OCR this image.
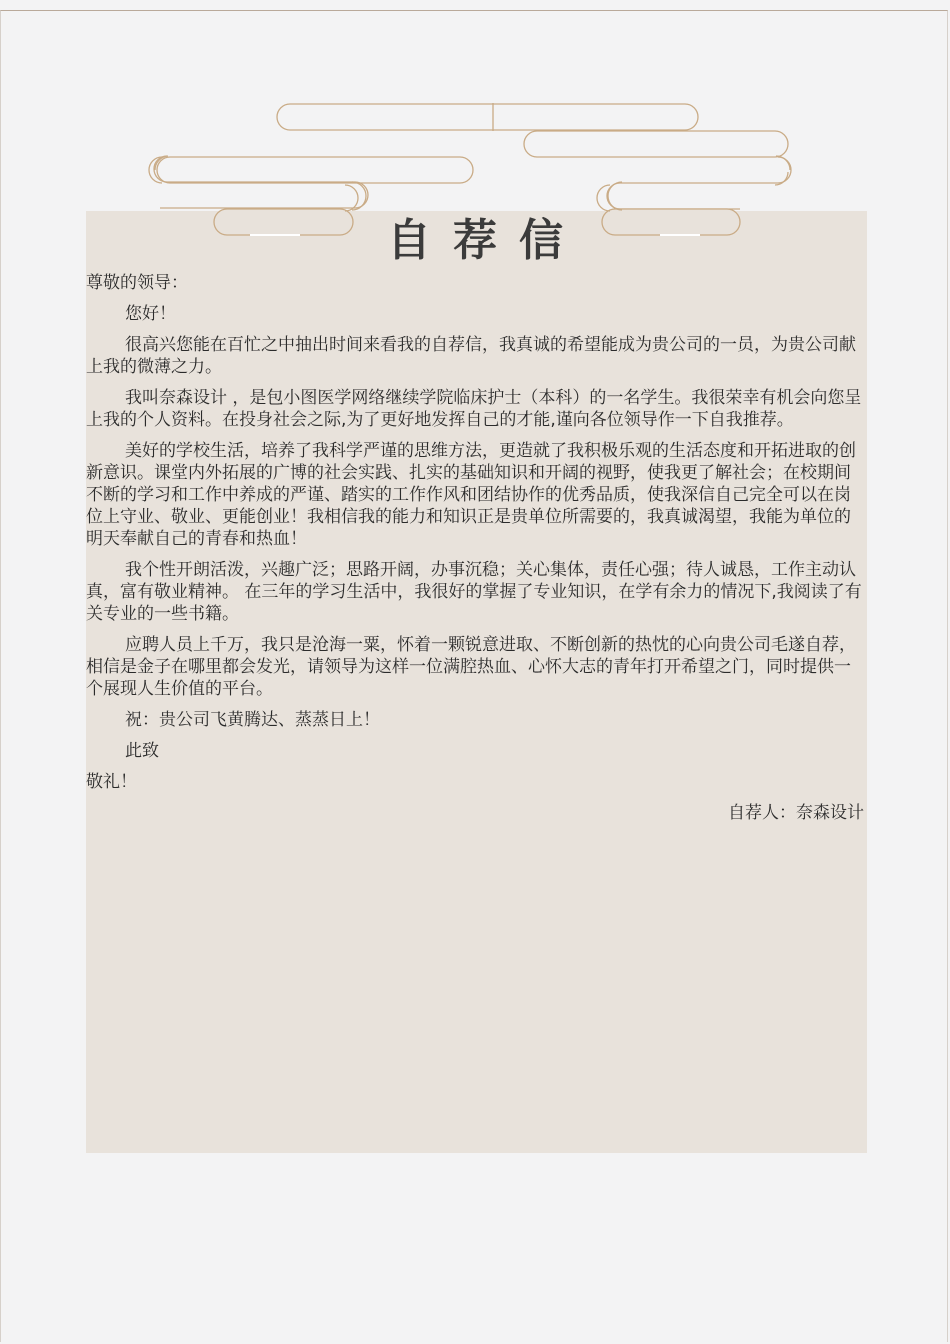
自荐信

尊敬的领导：

您好！

很高兴您能在百忙之中抽出时间来看我的自荐信，我真诚的希望能成为贵公司的一员，为贵公司献上我的微薄之力。

我叫奈森设计 ，是包小图医学网络继续学院临床护士（本科）的一名学生。我很荣幸有机会向您呈上我的个人资料。在投身社会之际,为了更好地发挥自己的才能,谨向各位领导作一下自我推荐。

美好的学校生活，培养了我科学严谨的思维方法，更造就了我积极乐观的生活态度和开拓进取的创新意识。课堂内外拓展的广博的社会实践、扎实的基础知识和开阔的视野，使我更了解社会；在校期间不断的学习和工作中养成的严谨、踏实的工作作风和团结协作的优秀品质，使我深信自己完全可以在岗位上守业、敬业、更能创业！我相信我的能力和知识正是贵单位所需要的，我真诚渴望，我能为单位的明天奉献自己的青春和热血！

我个性开朗活泼，兴趣广泛；思路开阔，办事沉稳；关心集体，责任心强；待人诚恳，工作主动认真，富有敬业精神。 在三年的学习生活中，我很好的掌握了专业知识，在学有余力的情况下,我阅读了有关专业的一些书籍。

应聘人员上千万，我只是沧海一粟，怀着一颗锐意进取、不断创新的热忱的心向贵公司毛遂自荐，相信是金子在哪里都会发光，请领导为这样一位满腔热血、心怀大志的青年打开希望之门，同时提供一个展现人生价值的平台。

祝：贵公司飞黄腾达、蒸蒸日上！

此致

敬礼！

自荐人：奈森设计
